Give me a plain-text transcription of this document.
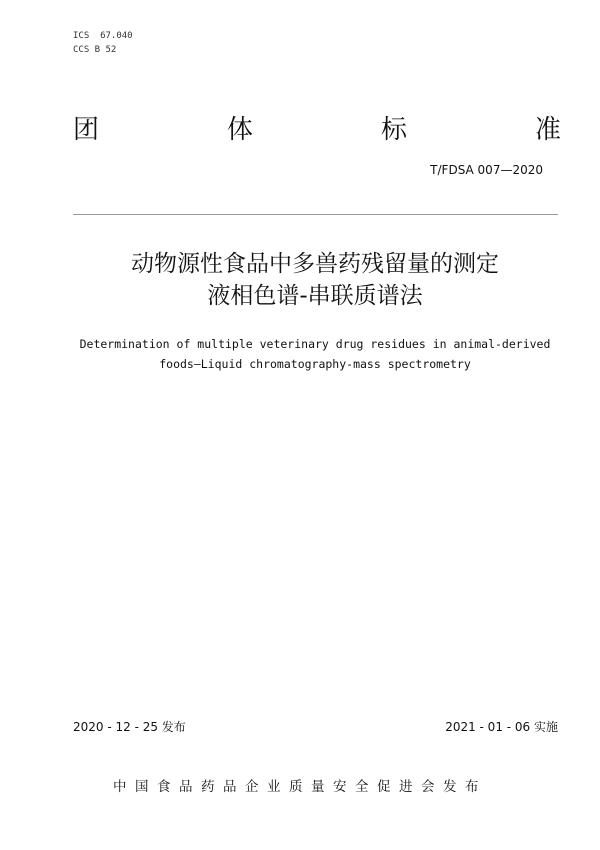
ICS  67.040
CCS B 52
团	体	标	准
T/FDSA 007—2020
动物源性食品中多兽药残留量的测定
液相色谱-串联质谱法
Determination of multiple veterinary drug residues in animal-derived
foods—Liquid chromatography-mass spectrometry
2020 - 12 - 25 发布	2021 - 01 - 06 实施
中国食品药品企业质量安全促进会发布
